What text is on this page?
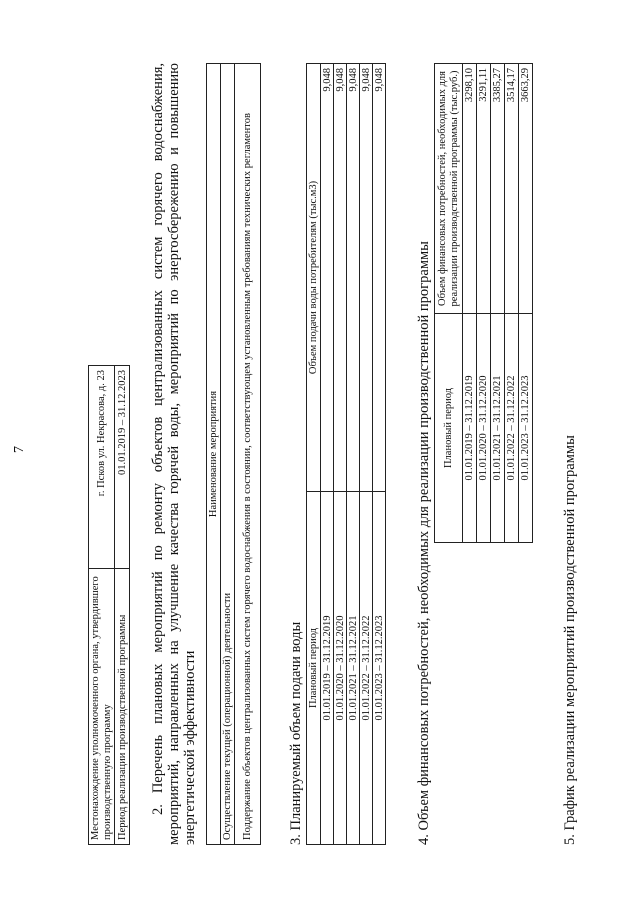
7
Местонахождение уполномоченного органа, утвердившего производственную программу	г. Псков ул. Некрасова, д. 23
Период реализации производственной программы	01.01.2019 – 31.12.2023 2. Перечень плановых мероприятий по ремонту объектов централизованных систем горячего водоснабжения, мероприятий, направленных на улучшение качества горячей воды, мероприятий по энергосбережению и повышению энергетической эффективности
Наименование мероприятия
Осуществление текущей (операционной) деятельности
Поддержание объектов централизованных систем горячего водоснабжения в состоянии, соответствующем установленным требованиям технических регламентов 3. Планируемый объем подачи воды Плановый период	Объем подачи воды потребителям (тыс.м3)
01.01.2019 – 31.12.2019	9,048
01.01.2020 – 31.12.2020	9,048
01.01.2021 – 31.12.2021	9,048
01.01.2022 – 31.12.2022	9,048
01.01.2023 – 31.12.2023	9,048
4. Объем финансовых потребностей, необходимых для реализации производственной программы Плановый период	Объем финансовых потребностей, необходимых для реализации производственной программы (тыс.руб.)
01.01.2019 – 31.12.2019	3298,10
01.01.2020 – 31.12.2020	3291,11
01.01.2021 – 31.12.2021	3385,27
01.01.2022 – 31.12.2022	3514,17
01.01.2023 – 31.12.2023	3663,29
5. График реализации мероприятий производственной программы
